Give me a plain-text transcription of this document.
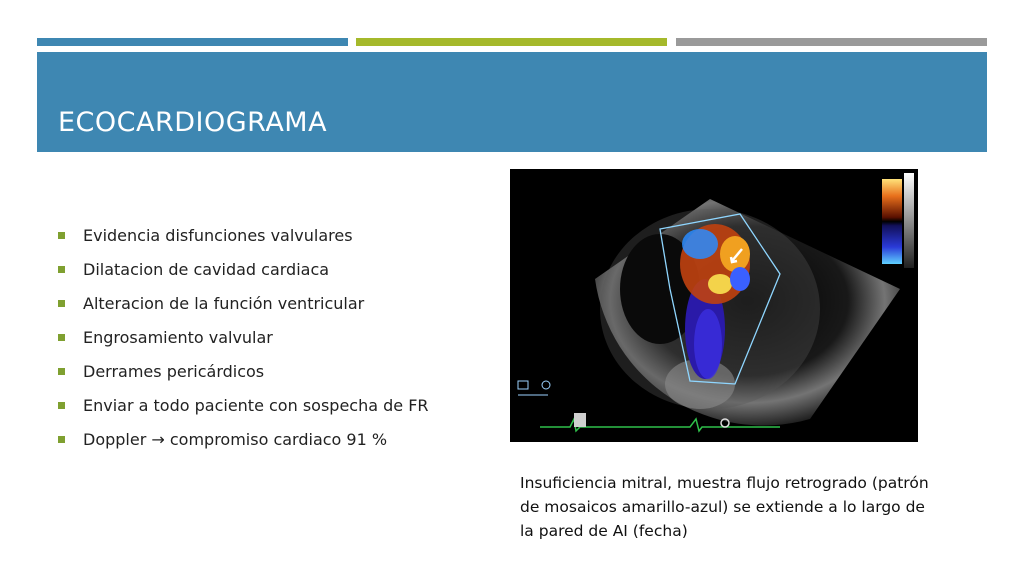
ECOCARDIOGRAMA
Evidencia disfunciones valvulares
Dilatacion de cavidad cardiaca
Alteracion de la función ventricular
Engrosamiento valvular
Derrames pericárdicos
Enviar a todo paciente con sospecha de FR
Doppler → compromiso cardiaco 91 %

Insuficiencia mitral, muestra flujo retrogrado (patrón de mosaicos amarillo-azul) se extiende a lo largo de la pared de AI (fecha)
